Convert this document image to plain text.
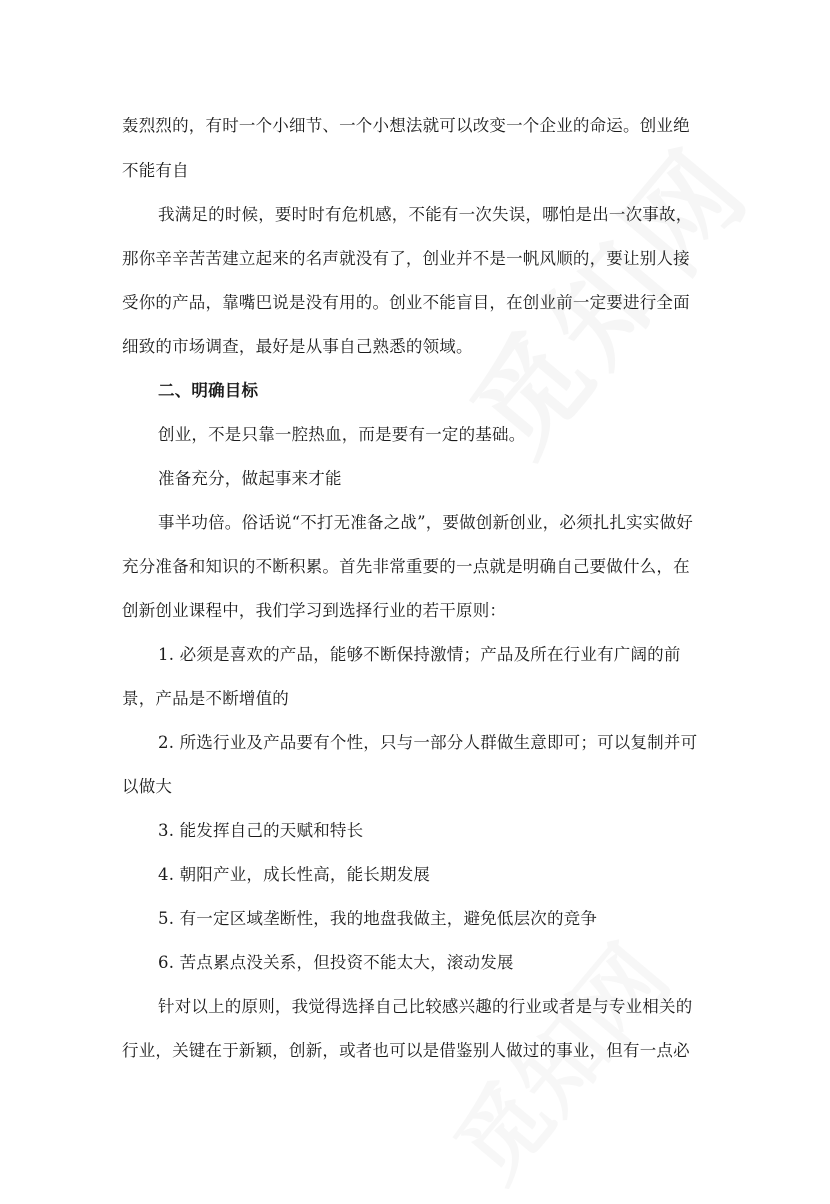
轰烈烈的，有时一个小细节、一个小想法就可以改变一个企业的命运。创业绝
不能有自
我满足的时候，要时时有危机感，不能有一次失误，哪怕是出一次事故，
那你辛辛苦苦建立起来的名声就没有了，创业并不是一帆风顺的，要让别人接
受你的产品，靠嘴巴说是没有用的。创业不能盲目，在创业前一定要进行全面
细致的市场调查，最好是从事自己熟悉的领域。
二、明确目标
创业，不是只靠一腔热血，而是要有一定的基础。
准备充分，做起事来才能
事半功倍。俗话说“不打无准备之战”，要做创新创业，必须扎扎实实做好
充分准备和知识的不断积累。首先非常重要的一点就是明确自己要做什么，在
创新创业课程中，我们学习到选择行业的若干原则：
1. 必须是喜欢的产品，能够不断保持激情；产品及所在行业有广阔的前
景，产品是不断增值的
2. 所选行业及产品要有个性，只与一部分人群做生意即可；可以复制并可
以做大
3. 能发挥自己的天赋和特长
4. 朝阳产业，成长性高，能长期发展
5. 有一定区域垄断性，我的地盘我做主，避免低层次的竞争
6. 苦点累点没关系，但投资不能太大，滚动发展
针对以上的原则，我觉得选择自己比较感兴趣的行业或者是与专业相关的
行业，关键在于新颖，创新，或者也可以是借鉴别人做过的事业，但有一点必
